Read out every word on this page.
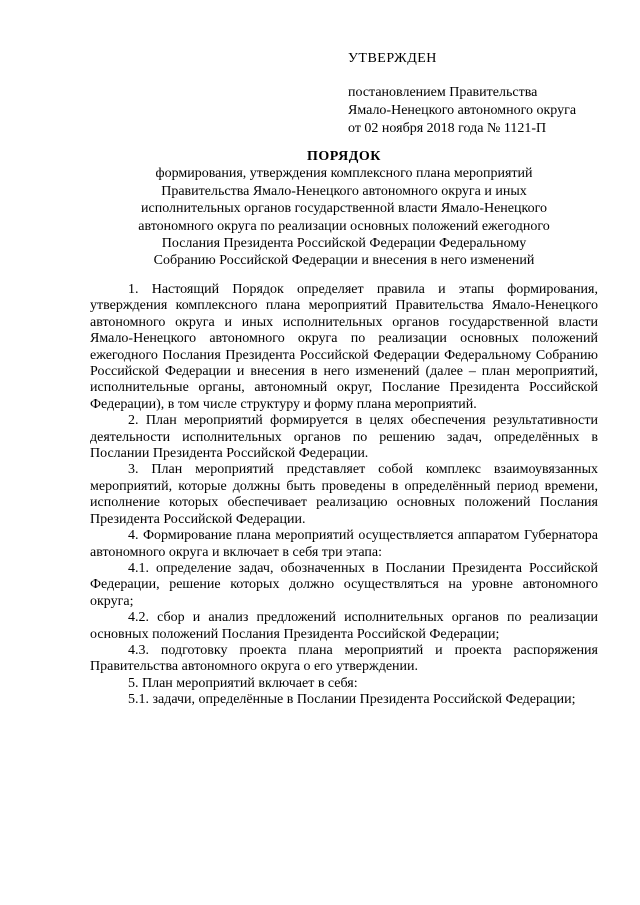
УТВЕРЖДЕН
постановлением Правительства
Ямало-Ненецкого автономного округа
от 02 ноября 2018 года № 1121-П
ПОРЯДОК
формирования, утверждения комплексного плана мероприятий
Правительства Ямало-Ненецкого автономного округа и иных
исполнительных органов государственной власти Ямало-Ненецкого
автономного округа по реализации основных положений ежегодного
Послания Президента Российской Федерации Федеральному
Собранию Российской Федерации и внесения в него изменений

1. Настоящий Порядок определяет правила и этапы формирования, утверждения комплексного плана мероприятий Правительства Ямало-Ненецкого автономного округа и иных исполнительных органов государственной власти Ямало-Ненецкого автономного округа по реализации основных положений ежегодного Послания Президента Российской Федерации Федеральному Собранию Российской Федерации и внесения в него изменений (далее – план мероприятий, исполнительные органы, автономный округ, Послание Президента Российской Федерации), в том числе структуру и форму плана мероприятий.

2. План мероприятий формируется в целях обеспечения результативности деятельности исполнительных органов по решению задач, определённых в Послании Президента Российской Федерации.

3. План мероприятий представляет собой комплекс взаимоувязанных мероприятий, которые должны быть проведены в определённый период времени, исполнение которых обеспечивает реализацию основных положений Послания Президента Российской Федерации.

4. Формирование плана мероприятий осуществляется аппаратом Губернатора автономного округа и включает в себя три этапа:

4.1. определение задач, обозначенных в Послании Президента Российской Федерации, решение которых должно осуществляться на уровне автономного округа;

4.2. сбор и анализ предложений исполнительных органов по реализации основных положений Послания Президента Российской Федерации;

4.3. подготовку проекта плана мероприятий и проекта распоряжения Правительства автономного округа о его утверждении.

5. План мероприятий включает в себя:

5.1. задачи, определённые в Послании Президента Российской Федерации;
